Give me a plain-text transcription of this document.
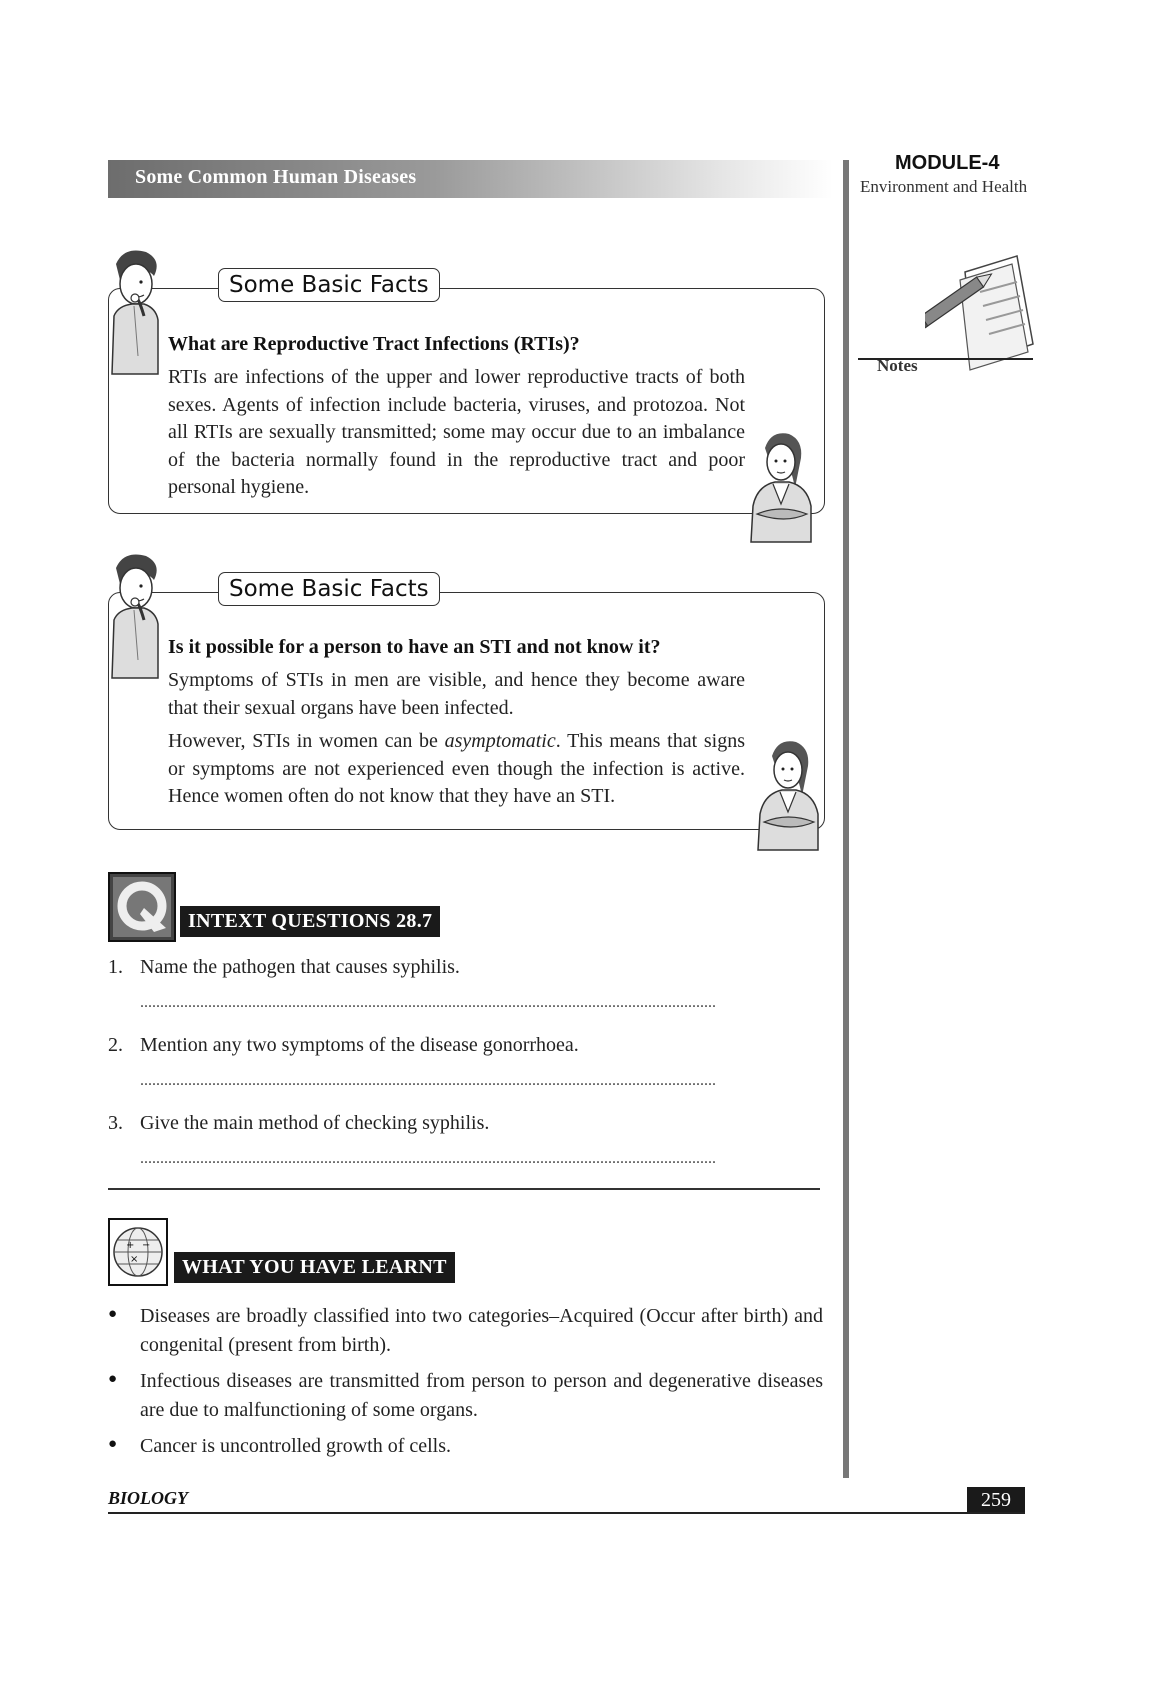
Some Common Human Diseases
MODULE-4
Environment and Health
Notes
Some Basic Facts
What are Reproductive Tract Infections (RTIs)?

RTIs are infections of the upper and lower reproductive tracts of both sexes. Agents of infection include bacteria, viruses, and protozoa. Not all RTIs are sexually transmitted; some may occur due to an imbalance of the bacteria normally found in the reproductive tract and poor personal hygiene.

Some Basic Facts
Is it possible for a person to have an STI and not know it?

Symptoms of STIs in men are visible, and hence they become aware that their sexual organs have been infected.

However, STIs in women can be asymptomatic. This means that signs or symptoms are not experienced even though the infection is active. Hence women often do not know that they have an STI.

INTEXT QUESTIONS 28.7
1. Name the pathogen that causes syphilis.
................................................................................................................................................
2. Mention any two symptoms of the disease gonorrhoea.
................................................................................................................................................
3. Give the main method of checking syphilis.
................................................................................................................................................
+ −
×	WHAT YOU HAVE LEARNT
● Diseases are broadly classified into two categories–Acquired (Occur after birth) and congenital (present from birth).
● Infectious diseases are transmitted from person to person and degenerative diseases are due to malfunctioning of some organs.
● Cancer is uncontrolled growth of cells.
BIOLOGY	259
